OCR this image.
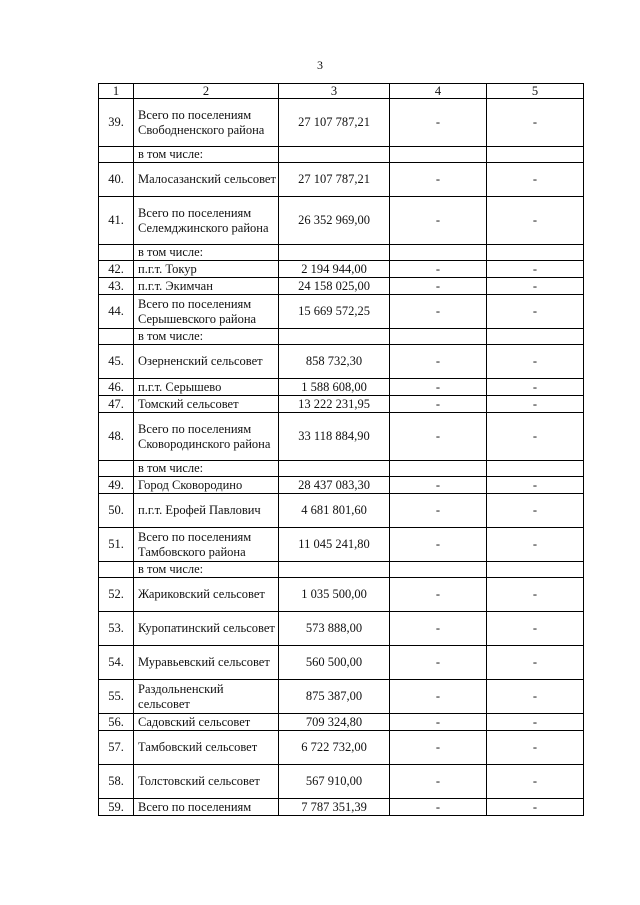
3
1	2	3	4	5
39.	Всего по поселениям Свободненского района	27 107 787,21	-	-
	в том числе:			
40.	Малосазанский сельсовет	27 107 787,21	-	-
41.	Всего по поселениям Селемджинского района	26 352 969,00	-	-
	в том числе:			
42.	п.г.т. Токур	2 194 944,00	-	-
43.	п.г.т. Экимчан	24 158 025,00	-	-
44.	Всего по поселениям Серышевского района	15 669 572,25	-	-
	в том числе:			
45.	Озерненский сельсовет	858 732,30	-	-
46.	п.г.т. Серышево	1 588 608,00	-	-
47.	Томский сельсовет	13 222 231,95	-	-
48.	Всего по поселениям Сковородинского района	33 118 884,90	-	-
	в том числе:			
49.	Город Сковородино	28 437 083,30	-	-
50.	п.г.т. Ерофей Павлович	4 681 801,60	-	-
51.	Всего по поселениям Тамбовского района	11 045 241,80	-	-
	в том числе:			
52.	Жариковский сельсовет	1 035 500,00	-	-
53.	Куропатинский сельсовет	573 888,00	-	-
54.	Муравьевский сельсовет	560 500,00	-	-
55.	Раздольненский сельсовет	875 387,00	-	-
56.	Садовский сельсовет	709 324,80	-	-
57.	Тамбовский сельсовет	6 722 732,00	-	-
58.	Толстовский сельсовет	567 910,00	-	-
59.	Всего по поселениям	7 787 351,39	-	-
